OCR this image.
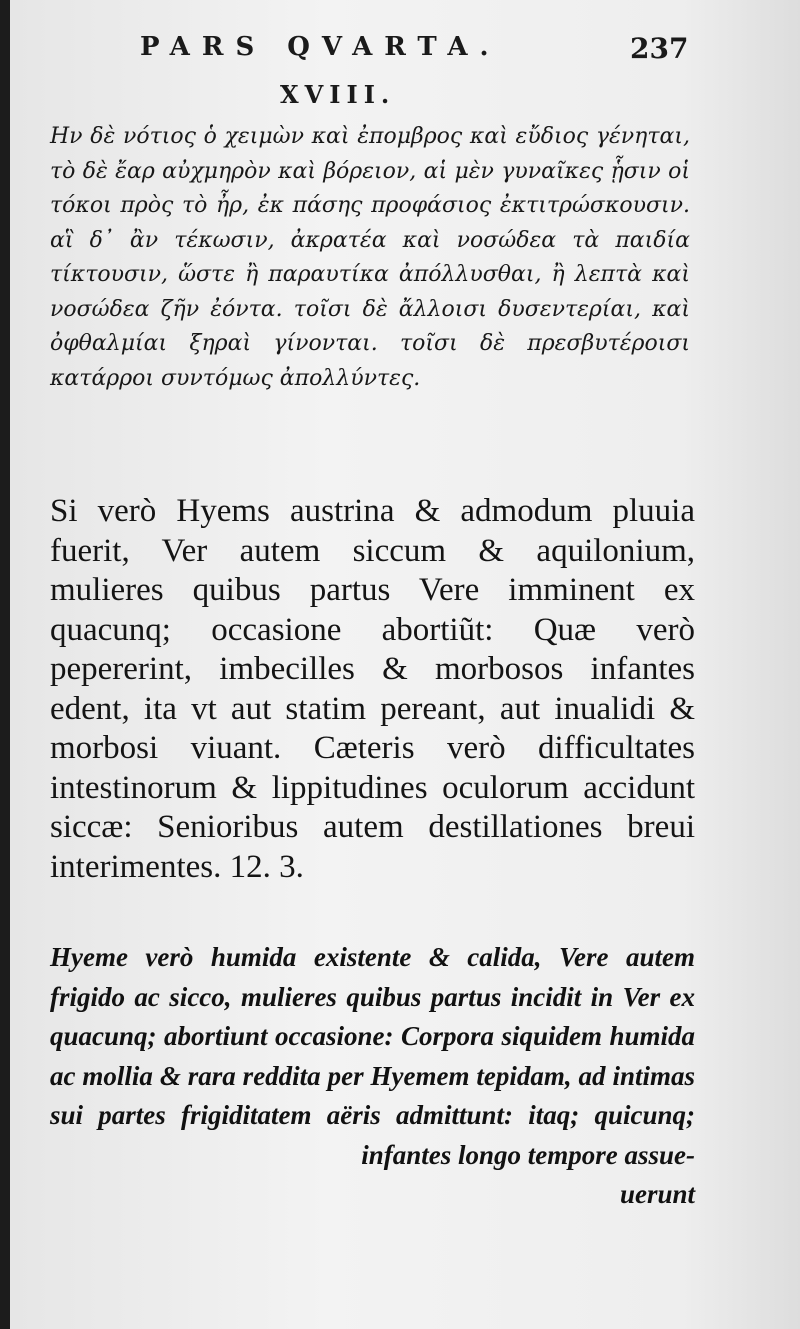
PARS QVARTA.	237
XVIII.
Ην δὲ νότιος ὁ χειμὼν καὶ ἐπομβρος καὶ εὔδιος γένηται, τὸ δὲ ἔαρ αὐχμηρὸν καὶ βόρειον, αἱ μὲν γυναῖκες ᾗσιν οἱ τόκοι πρὸς τὸ ἦρ, ἐκ πάσης προφάσιος ἐκτιτρώσκουσιν. αἳ δ᾽ ἂν τέκωσιν, ἀκρατέα καὶ νοσώδεα τὰ παιδία τίκτουσιν, ὥστε ἢ παραυτίκα ἀπόλλυσθαι, ἢ λεπτὰ καὶ νοσώδεα ζῆν ἐόντα. τοῖσι δὲ ἄλλοισι δυσεντερίαι, καὶ ὀφθαλμίαι ξηραὶ γίνονται. τοῖσι δὲ πρεσβυτέροισι κατάρροι συντόμως ἀπολλύντες.
Si verò Hyems austrina & admodum pluuia fuerit, Ver autem siccum & aquilonium, mulieres quibus partus Vere imminent ex quacunq; occasione abortiũt: Quæ verò pepererint, imbecilles & morbosos infantes edent, ita vt aut statim pereant, aut inualidi & morbosi viuant. Cæteris verò difficultates intestinorum & lippitudines oculorum accidunt siccæ: Senioribus autem destillationes breui interimentes. 12. 3.
Hyeme verò humida existente & calida, Vere autem frigido ac sicco, mulieres quibus partus incidit in Ver ex quacunq; abortiunt occasione: Corpora siquidem humida ac mollia & rara reddita per Hyemem tepidam, ad intimas sui partes frigiditatem aëris admittunt: itaq; quicunq; infantes longo tempore assue-
uerunt
